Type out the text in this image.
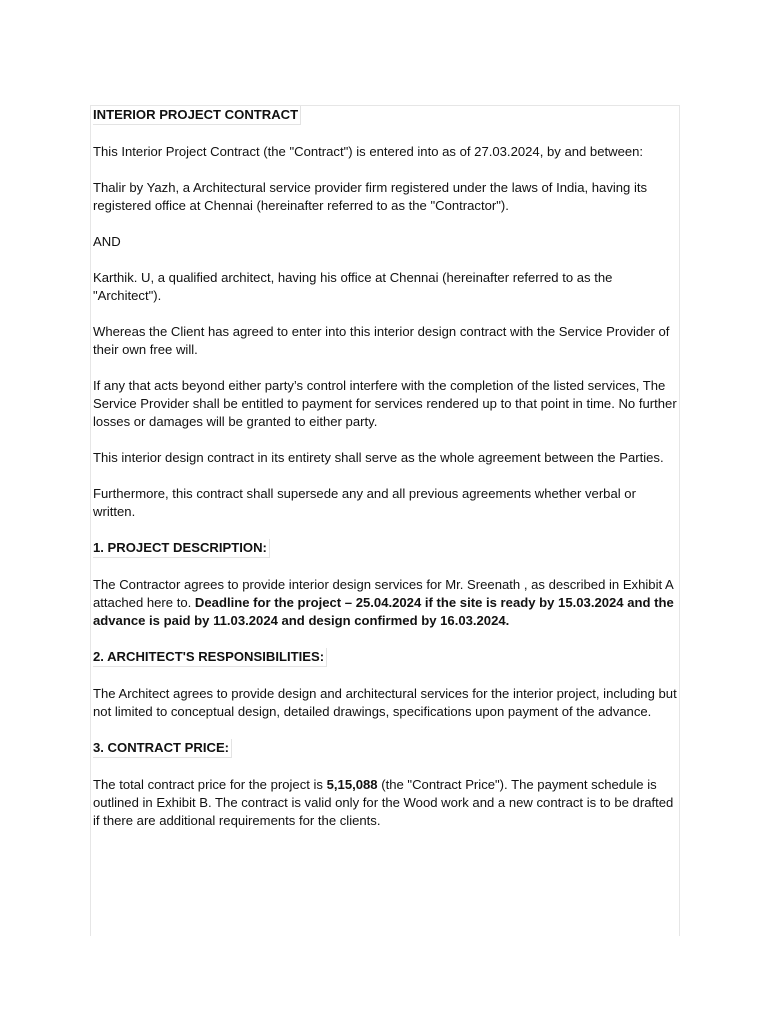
INTERIOR PROJECT CONTRACT

This Interior Project Contract (the "Contract") is entered into as of 27.03.2024, by and between:

Thalir by Yazh, a Architectural service provider firm registered under the laws of India, having its registered office at Chennai (hereinafter referred to as the "Contractor").

AND

Karthik. U, a qualified architect, having his office at Chennai (hereinafter referred to as the "Architect").

Whereas the Client has agreed to enter into this interior design contract with the Service Provider of their own free will.

If any that acts beyond either party’s control interfere with the completion of the listed services, The Service Provider shall be entitled to payment for services rendered up to that point in time. No further losses or damages will be granted to either party.

This interior design contract in its entirety shall serve as the whole agreement between the Parties.

Furthermore, this contract shall supersede any and all previous agreements whether verbal or written.

1. PROJECT DESCRIPTION:

The Contractor agrees to provide interior design services for Mr. Sreenath , as described in Exhibit A attached here to. Deadline for the project – 25.04.2024 if the site is ready by 15.03.2024 and the advance is paid by 11.03.2024 and design confirmed by 16.03.2024.

2. ARCHITECT'S RESPONSIBILITIES:

The Architect agrees to provide design and architectural services for the interior project, including but not limited to conceptual design, detailed drawings, specifications upon payment of the advance.

3. CONTRACT PRICE:

The total contract price for the project is 5,15,088 (the "Contract Price"). The payment schedule is outlined in Exhibit B. The contract is valid only for the Wood work and a new contract is to be drafted if there are additional requirements for the clients.
